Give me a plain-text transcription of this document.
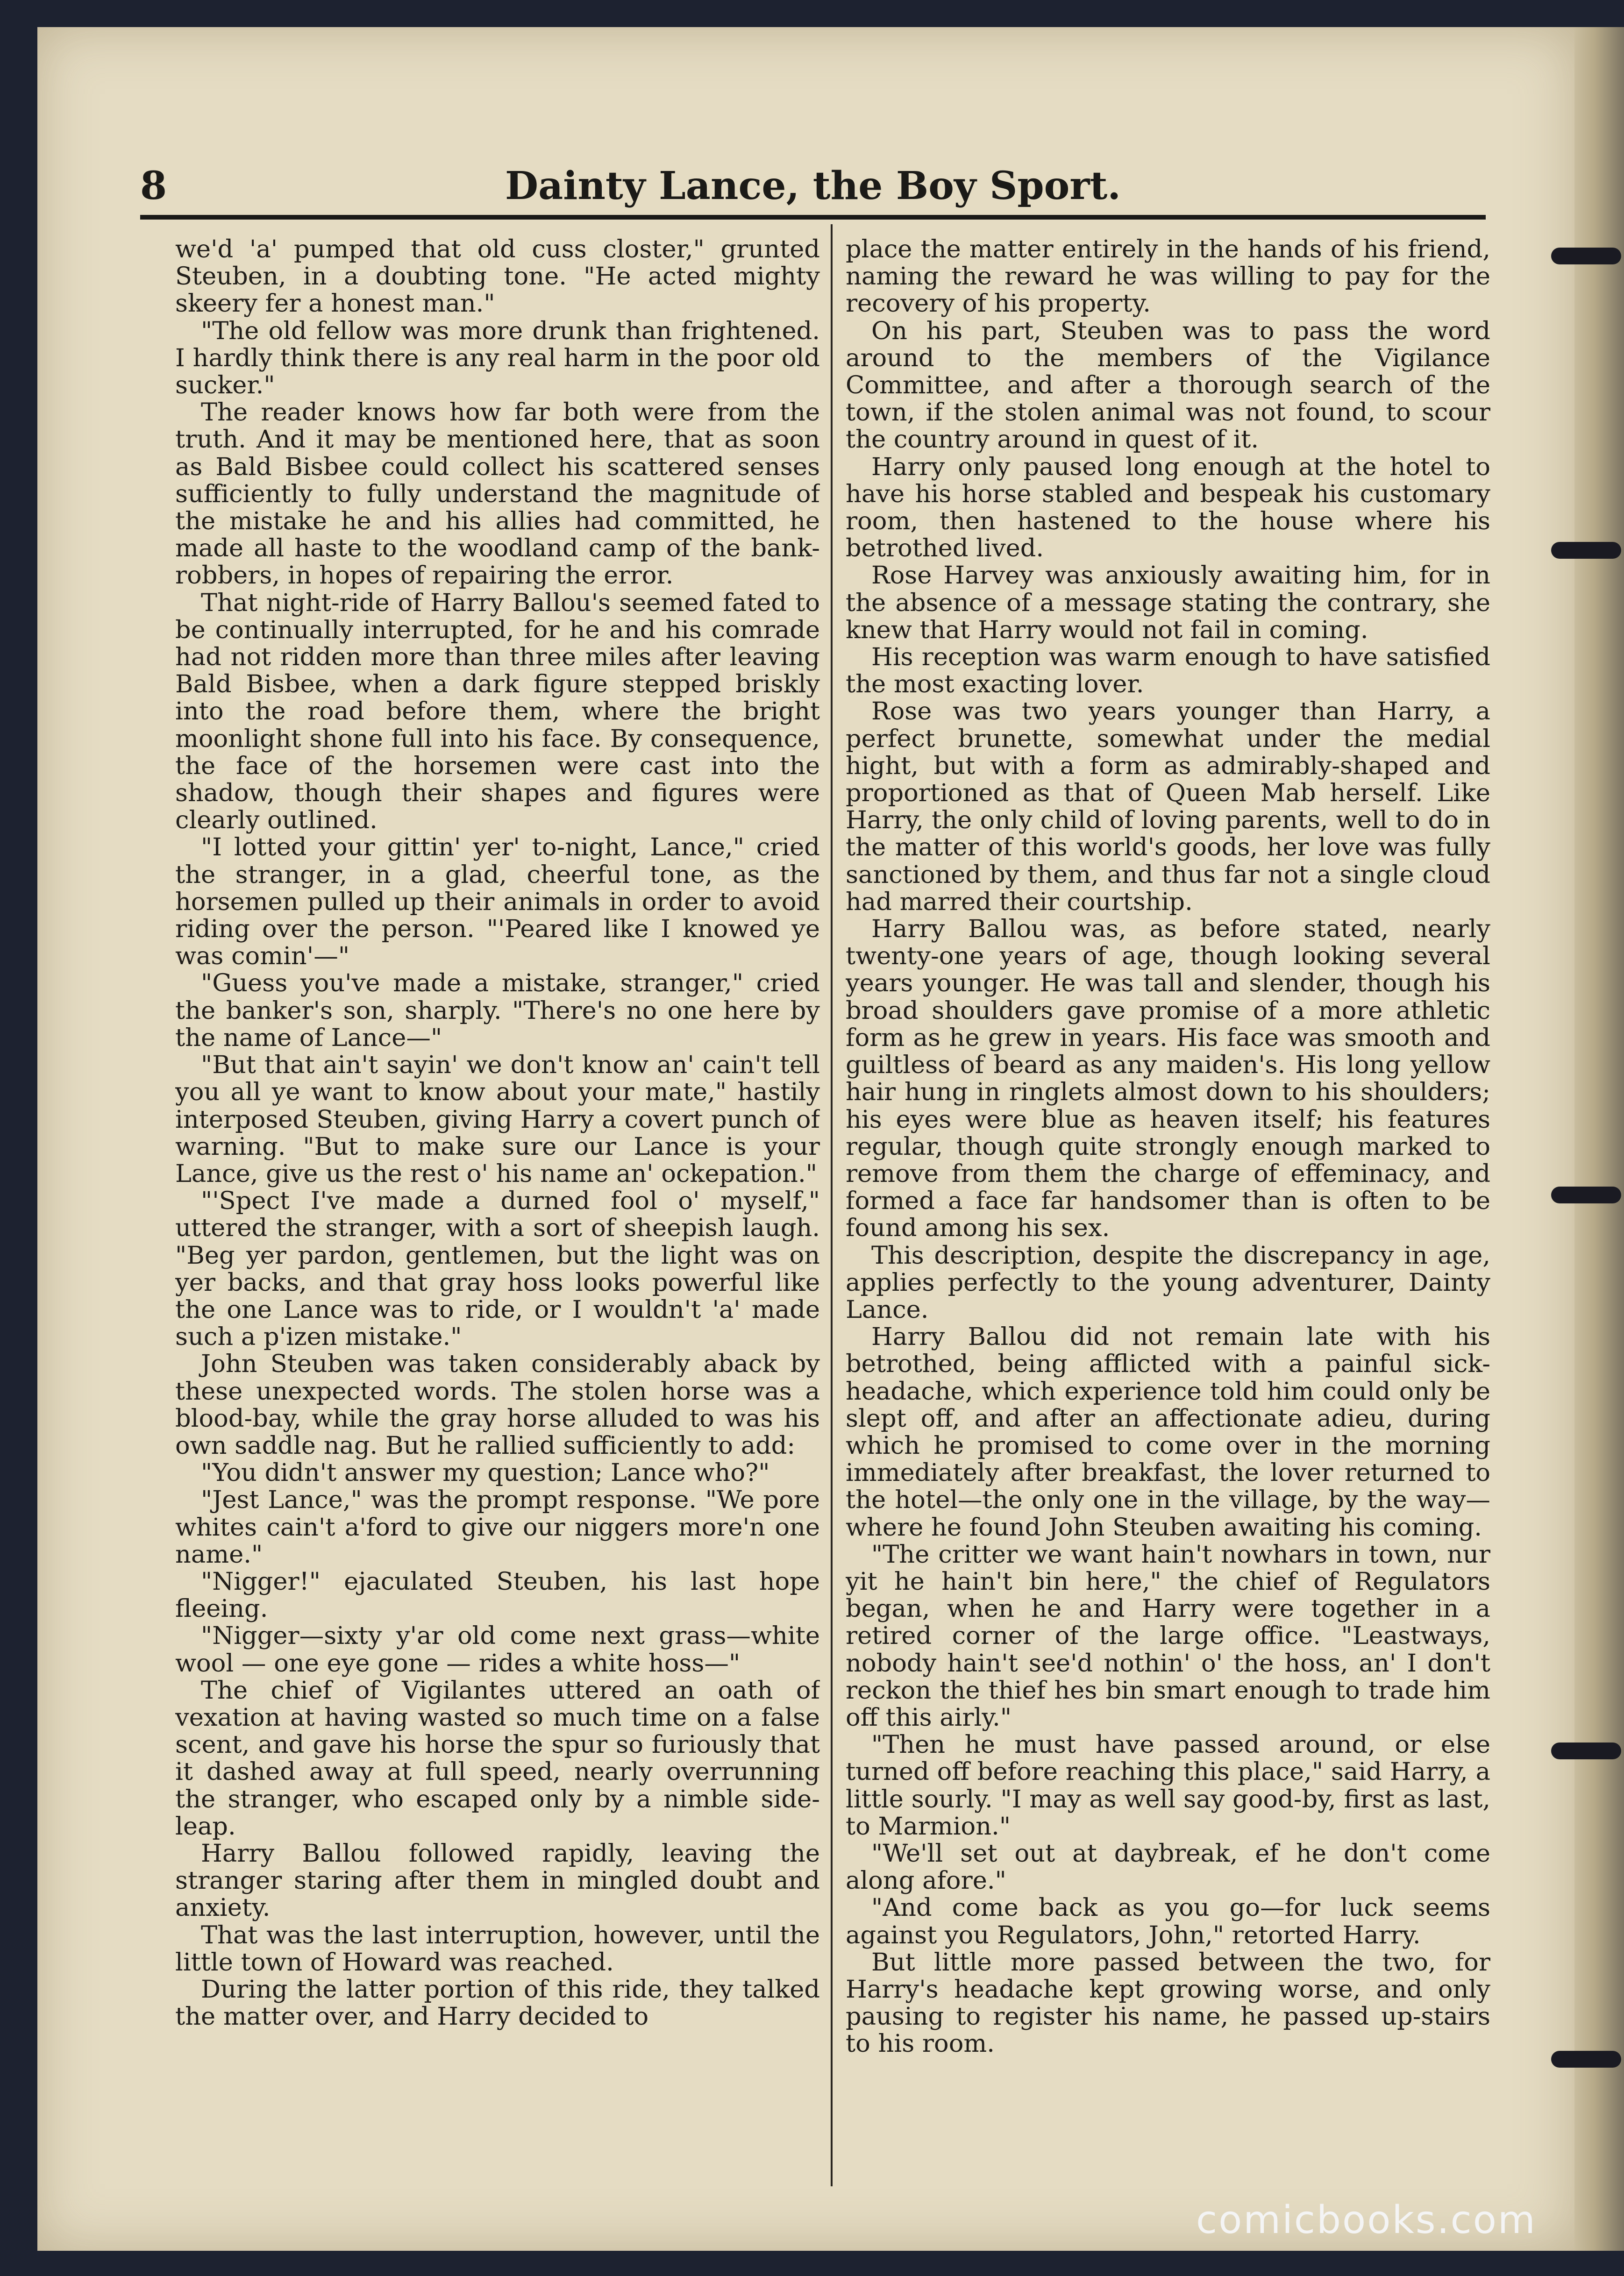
8	Dainty Lance, the Boy Sport.

we'd 'a' pumped that old cuss closter," grunted Steuben, in a doubting tone. "He acted mighty skeery fer a honest man."

"The old fellow was more drunk than frightened. I hardly think there is any real harm in the poor old sucker."

The reader knows how far both were from the truth. And it may be mentioned here, that as soon as Bald Bisbee could collect his scattered senses sufficiently to fully understand the magnitude of the mistake he and his allies had committed, he made all haste to the woodland camp of the bank-robbers, in hopes of repairing the error.

That night-ride of Harry Ballou's seemed fated to be continually interrupted, for he and his comrade had not ridden more than three miles after leaving Bald Bisbee, when a dark figure stepped briskly into the road before them, where the bright moonlight shone full into his face. By consequence, the face of the horsemen were cast into the shadow, though their shapes and figures were clearly outlined.

"I lotted your gittin' yer' to-night, Lance," cried the stranger, in a glad, cheerful tone, as the horsemen pulled up their animals in order to avoid riding over the person. "'Peared like I knowed ye was comin'—"

"Guess you've made a mistake, stranger," cried the banker's son, sharply. "There's no one here by the name of Lance—"

"But that ain't sayin' we don't know an' cain't tell you all ye want to know about your mate," hastily interposed Steuben, giving Harry a covert punch of warning. "But to make sure our Lance is your Lance, give us the rest o' his name an' ockepation."

"'Spect I've made a durned fool o' myself," uttered the stranger, with a sort of sheepish laugh. "Beg yer pardon, gentlemen, but the light was on yer backs, and that gray hoss looks powerful like the one Lance was to ride, or I wouldn't 'a' made such a p'izen mistake."

John Steuben was taken considerably aback by these unexpected words. The stolen horse was a blood-bay, while the gray horse alluded to was his own saddle nag. But he rallied sufficiently to add:

"You didn't answer my question; Lance who?"

"Jest Lance," was the prompt response. "We pore whites cain't a'ford to give our niggers more'n one name."

"Nigger!" ejaculated Steuben, his last hope fleeing.

"Nigger—sixty y'ar old come next grass—white wool — one eye gone — rides a white hoss—"

The chief of Vigilantes uttered an oath of vexation at having wasted so much time on a false scent, and gave his horse the spur so furiously that it dashed away at full speed, nearly overrunning the stranger, who escaped only by a nimble side-leap.

Harry Ballou followed rapidly, leaving the stranger staring after them in mingled doubt and anxiety.

That was the last interruption, however, until the little town of Howard was reached.

During the latter portion of this ride, they talked the matter over, and Harry decided to

place the matter entirely in the hands of his friend, naming the reward he was willing to pay for the recovery of his property.

On his part, Steuben was to pass the word around to the members of the Vigilance Committee, and after a thorough search of the town, if the stolen animal was not found, to scour the country around in quest of it.

Harry only paused long enough at the hotel to have his horse stabled and bespeak his customary room, then hastened to the house where his betrothed lived.

Rose Harvey was anxiously awaiting him, for in the absence of a message stating the contrary, she knew that Harry would not fail in coming.

His reception was warm enough to have satisfied the most exacting lover.

Rose was two years younger than Harry, a perfect brunette, somewhat under the medial hight, but with a form as admirably-shaped and proportioned as that of Queen Mab herself. Like Harry, the only child of loving parents, well to do in the matter of this world's goods, her love was fully sanctioned by them, and thus far not a single cloud had marred their courtship.

Harry Ballou was, as before stated, nearly twenty-one years of age, though looking several years younger. He was tall and slender, though his broad shoulders gave promise of a more athletic form as he grew in years. His face was smooth and guiltless of beard as any maiden's. His long yellow hair hung in ringlets almost down to his shoulders; his eyes were blue as heaven itself; his features regular, though quite strongly enough marked to remove from them the charge of effeminacy, and formed a face far handsomer than is often to be found among his sex.

This description, despite the discrepancy in age, applies perfectly to the young adventurer, Dainty Lance.

Harry Ballou did not remain late with his betrothed, being afflicted with a painful sick-headache, which experience told him could only be slept off, and after an affectionate adieu, during which he promised to come over in the morning immediately after breakfast, the lover returned to the hotel—the only one in the village, by the way—where he found John Steuben awaiting his coming.

"The critter we want hain't nowhars in town, nur yit he hain't bin here," the chief of Regulators began, when he and Harry were together in a retired corner of the large office. "Leastways, nobody hain't see'd nothin' o' the hoss, an' I don't reckon the thief hes bin smart enough to trade him off this airly."

"Then he must have passed around, or else turned off before reaching this place," said Harry, a little sourly. "I may as well say good-by, first as last, to Marmion."

"We'll set out at daybreak, ef he don't come along afore."

"And come back as you go—for luck seems against you Regulators, John," retorted Harry.

But little more passed between the two, for Harry's headache kept growing worse, and only pausing to register his name, he passed up-stairs to his room.

comicbooks.com
